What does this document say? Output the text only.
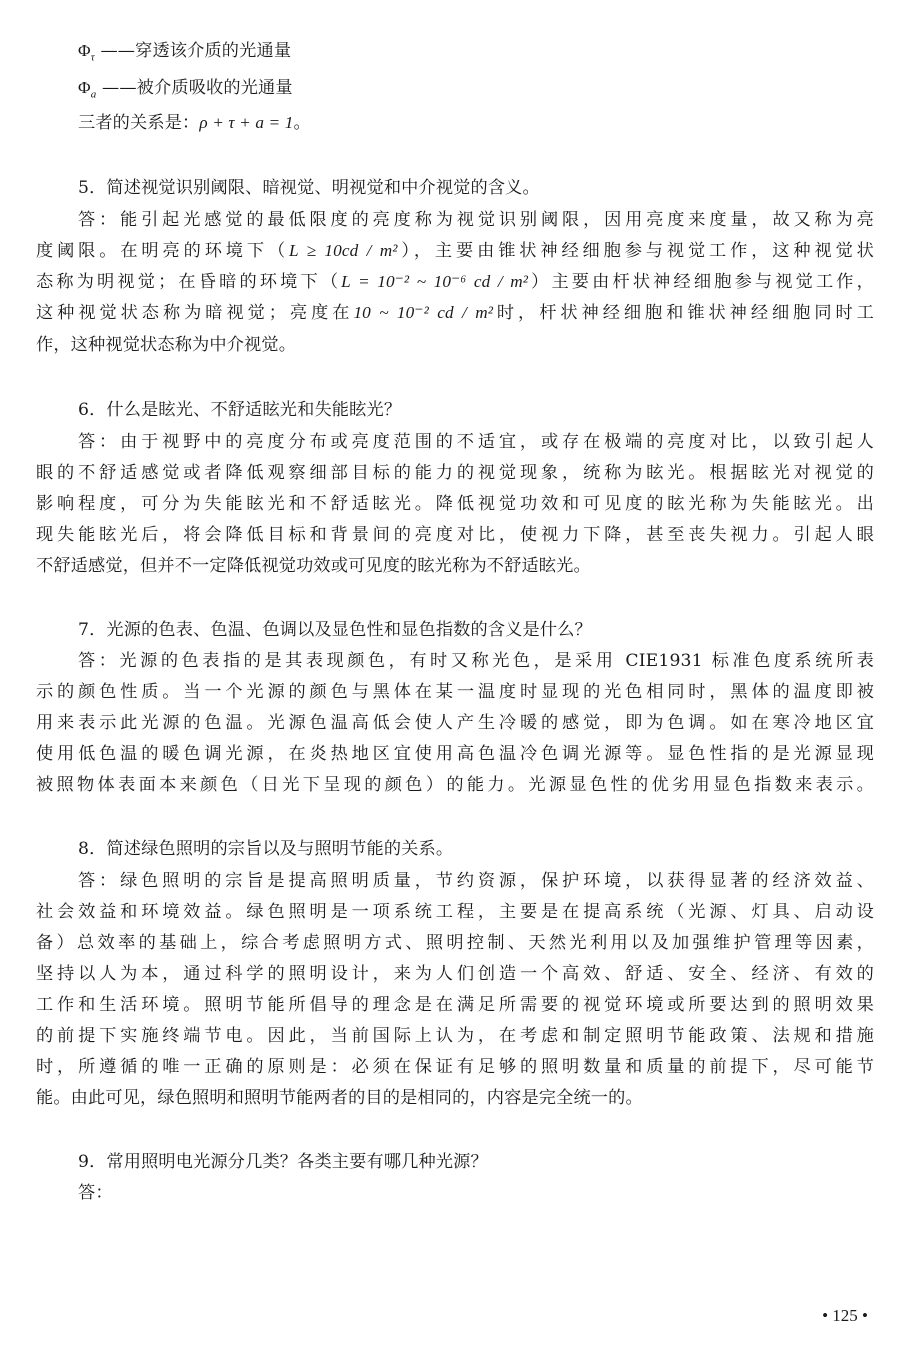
$\Phi_\tau$ ——穿透该介质的光通量
$\Phi_a$ ——被介质吸收的光通量
三者的关系是：ρ + τ + a = 1。
5．简述视觉识别阈限、暗视觉、明视觉和中介视觉的含义。
答：能引起光感觉的最低限度的亮度称为视觉识别阈限，因用亮度来度量，故又称为亮
度阈限。在明亮的环境下（L ≥ 10cd / m²），主要由锥状神经细胞参与视觉工作，这种视觉状
态称为明视觉；在昏暗的环境下（L = 10⁻² ~ 10⁻⁶ cd / m²）主要由杆状神经细胞参与视觉工作，
这种视觉状态称为暗视觉；亮度在10 ~ 10⁻² cd / m²时，杆状神经细胞和锥状神经细胞同时工
作，这种视觉状态称为中介视觉。
6．什么是眩光、不舒适眩光和失能眩光？
答：由于视野中的亮度分布或亮度范围的不适宜，或存在极端的亮度对比，以致引起人
眼的不舒适感觉或者降低观察细部目标的能力的视觉现象，统称为眩光。根据眩光对视觉的
影响程度，可分为失能眩光和不舒适眩光。降低视觉功效和可见度的眩光称为失能眩光。出
现失能眩光后，将会降低目标和背景间的亮度对比，使视力下降，甚至丧失视力。引起人眼
不舒适感觉，但并不一定降低视觉功效或可见度的眩光称为不舒适眩光。
7．光源的色表、色温、色调以及显色性和显色指数的含义是什么？
答：光源的色表指的是其表现颜色，有时又称光色，是采用 CIE1931 标准色度系统所表
示的颜色性质。当一个光源的颜色与黑体在某一温度时显现的光色相同时，黑体的温度即被
用来表示此光源的色温。光源色温高低会使人产生冷暖的感觉，即为色调。如在寒冷地区宜
使用低色温的暖色调光源，在炎热地区宜使用高色温冷色调光源等。显色性指的是光源显现
被照物体表面本来颜色（日光下呈现的颜色）的能力。光源显色性的优劣用显色指数来表示。
8．简述绿色照明的宗旨以及与照明节能的关系。
答：绿色照明的宗旨是提高照明质量，节约资源，保护环境，以获得显著的经济效益、
社会效益和环境效益。绿色照明是一项系统工程，主要是在提高系统（光源、灯具、启动设
备）总效率的基础上，综合考虑照明方式、照明控制、天然光利用以及加强维护管理等因素，
坚持以人为本，通过科学的照明设计，来为人们创造一个高效、舒适、安全、经济、有效的
工作和生活环境。照明节能所倡导的理念是在满足所需要的视觉环境或所要达到的照明效果
的前提下实施终端节电。因此，当前国际上认为，在考虑和制定照明节能政策、法规和措施
时，所遵循的唯一正确的原则是：必须在保证有足够的照明数量和质量的前提下，尽可能节
能。由此可见，绿色照明和照明节能两者的目的是相同的，内容是完全统一的。
9．常用照明电光源分几类？各类主要有哪几种光源？
答：
• 125 •
